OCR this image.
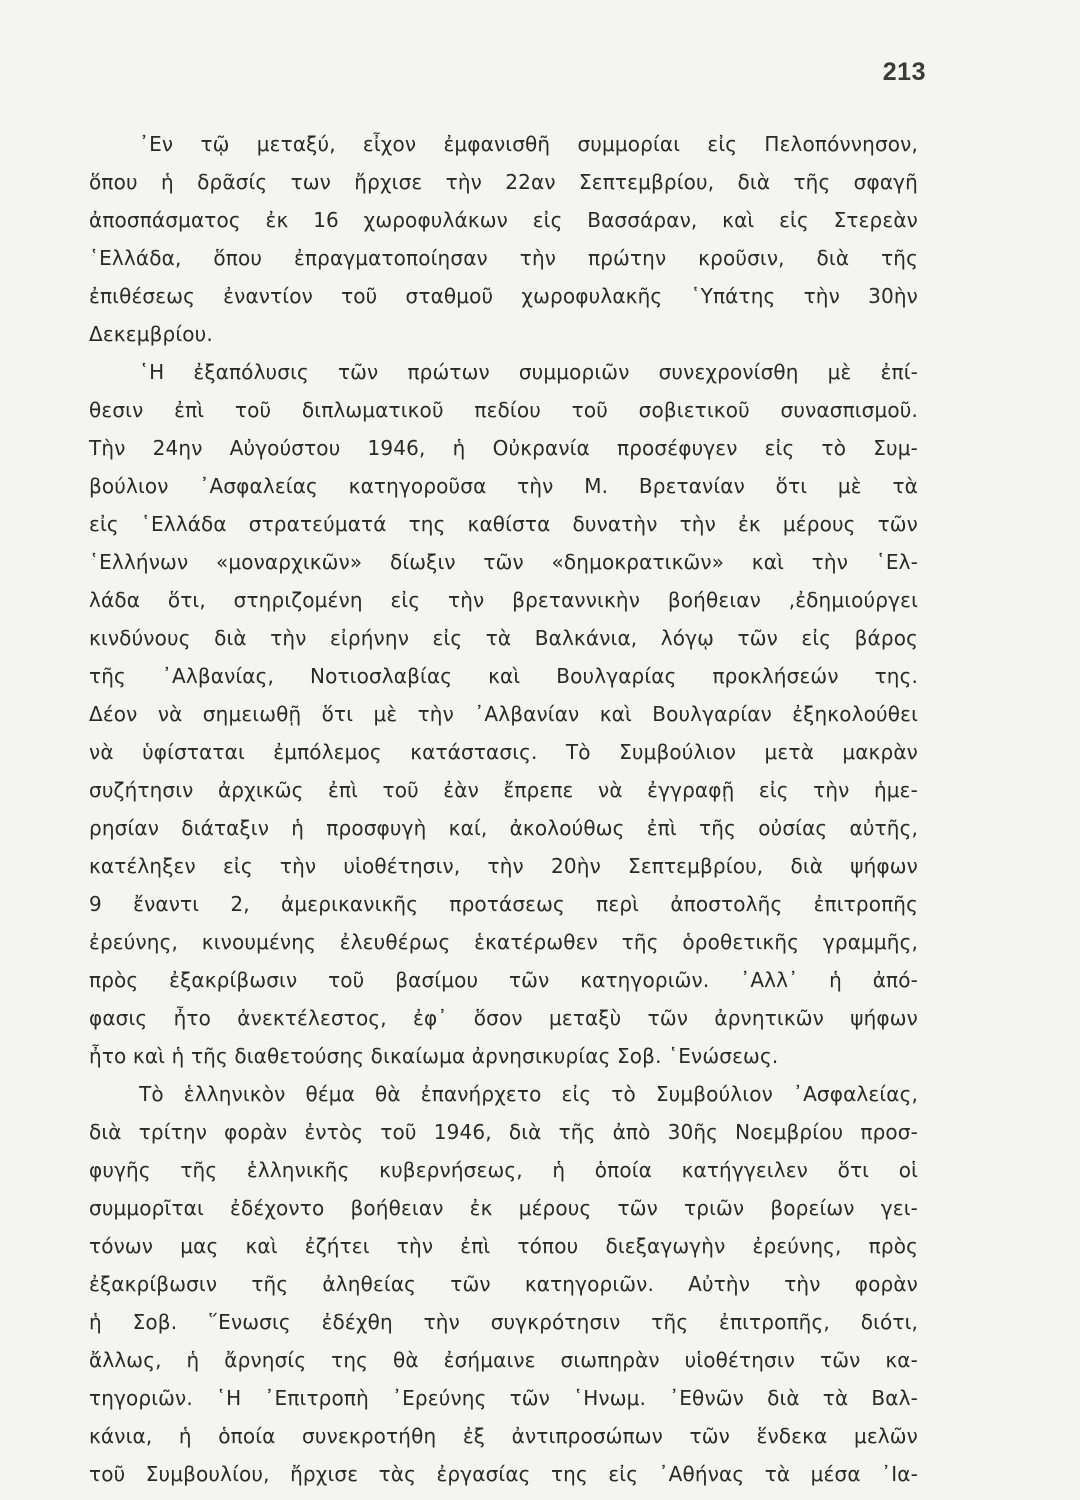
213
᾿Εν τῷ μεταξύ, εἶχον ἐμφανισθῆ συμμορίαι εἰς Πελοπόννησον,
ὅπου ἡ δρᾶσίς των ἤρχισε τὴν 22αν Σεπτεμβρίου, διὰ τῆς σφαγῆ
ἀποσπάσματος ἐκ 16 χωροφυλάκων εἰς Βασσάραν, καὶ εἰς Στερεὰν
῾Ελλάδα, ὅπου ἐπραγματοποίησαν τὴν πρώτην κροῦσιν, διὰ τῆς
ἐπιθέσεως ἐναντίον τοῦ σταθμοῦ χωροφυλακῆς ῾Υπάτης τὴν 30ὴν
Δεκεμβρίου.
῾Η ἐξαπόλυσις τῶν πρώτων συμμοριῶν συνεχρονίσθη μὲ ἐπί-
θεσιν ἐπὶ τοῦ διπλωματικοῦ πεδίου τοῦ σοβιετικοῦ συνασπισμοῦ.
Τὴν 24ην Αὐγούστου 1946, ἡ Οὐκρανία προσέφυγεν εἰς τὸ Συμ-
βούλιον ᾿Ασφαλείας κατηγοροῦσα τὴν Μ. Βρετανίαν ὅτι μὲ τὰ
εἰς ῾Ελλάδα στρατεύματά της καθίστα δυνατὴν τὴν ἐκ μέρους τῶν
῾Ελλήνων «μοναρχικῶν» δίωξιν τῶν «δημοκρατικῶν» καὶ τὴν ῾Ελ-
λάδα ὅτι, στηριζομένη εἰς τὴν βρεταννικὴν βοήθειαν ,ἐδημιούργει
κινδύνους διὰ τὴν εἰρήνην εἰς τὰ Βαλκάνια, λόγῳ τῶν εἰς βάρος
τῆς ᾿Αλβανίας, Νοτιοσλαβίας καὶ Βουλγαρίας προκλήσεών της.
Δέον νὰ σημειωθῇ ὅτι μὲ τὴν ᾿Αλβανίαν καὶ Βουλγαρίαν ἐξηκολούθει
νὰ ὑφίσταται ἐμπόλεμος κατάστασις. Τὸ Συμβούλιον μετὰ μακρὰν
συζήτησιν ἀρχικῶς ἐπὶ τοῦ ἐὰν ἔπρεπε νὰ ἐγγραφῇ εἰς τὴν ἡμε-
ρησίαν διάταξιν ἡ προσφυγὴ καί, ἀκολούθως ἐπὶ τῆς οὐσίας αὐτῆς,
κατέληξεν εἰς τὴν υἱοθέτησιν, τὴν 20ὴν Σεπτεμβρίου, διὰ ψήφων
9 ἔναντι 2, ἀμερικανικῆς προτάσεως περὶ ἀποστολῆς ἐπιτροπῆς
ἐρεύνης, κινουμένης ἐλευθέρως ἑκατέρωθεν τῆς ὁροθετικῆς γραμμῆς,
πρὸς ἐξακρίβωσιν τοῦ βασίμου τῶν κατηγοριῶν. ᾿Αλλ᾿ ἡ ἀπό-
φασις ἦτο ἀνεκτέλεστος, ἐφ᾿ ὅσον μεταξὺ τῶν ἀρνητικῶν ψήφων
ἦτο καὶ ἡ τῆς διαθετούσης δικαίωμα ἀρνησικυρίας Σοβ. ῾Ενώσεως.
Τὸ ἑλληνικὸν θέμα θὰ ἐπανήρχετο εἰς τὸ Συμβούλιον ᾿Ασφαλείας,
διὰ τρίτην φορὰν ἐντὸς τοῦ 1946, διὰ τῆς ἀπὸ 30ῆς Νοεμβρίου προσ-
φυγῆς τῆς ἑλληνικῆς κυβερνήσεως, ἡ ὁποία κατήγγειλεν ὅτι οἱ
συμμορῖται ἐδέχοντο βοήθειαν ἐκ μέρους τῶν τριῶν βορείων γει-
τόνων μας καὶ ἐζήτει τὴν ἐπὶ τόπου διεξαγωγὴν ἐρεύνης, πρὸς
ἐξακρίβωσιν τῆς ἀληθείας τῶν κατηγοριῶν. Αὐτὴν τὴν φορὰν
ἡ Σοβ. ῞Ενωσις ἐδέχθη τὴν συγκρότησιν τῆς ἐπιτροπῆς, διότι,
ἄλλως, ἡ ἄρνησίς της θὰ ἐσήμαινε σιωπηρὰν υἱοθέτησιν τῶν κα-
τηγοριῶν. ῾Η ᾿Επιτροπὴ ᾿Ερεύνης τῶν ῾Ηνωμ. ᾿Εθνῶν διὰ τὰ Βαλ-
κάνια, ἡ ὁποία συνεκροτήθη ἐξ ἀντιπροσώπων τῶν ἕνδεκα μελῶν
τοῦ Συμβουλίου, ἤρχισε τὰς ἐργασίας της εἰς ᾿Αθήνας τὰ μέσα ᾿Ια-
